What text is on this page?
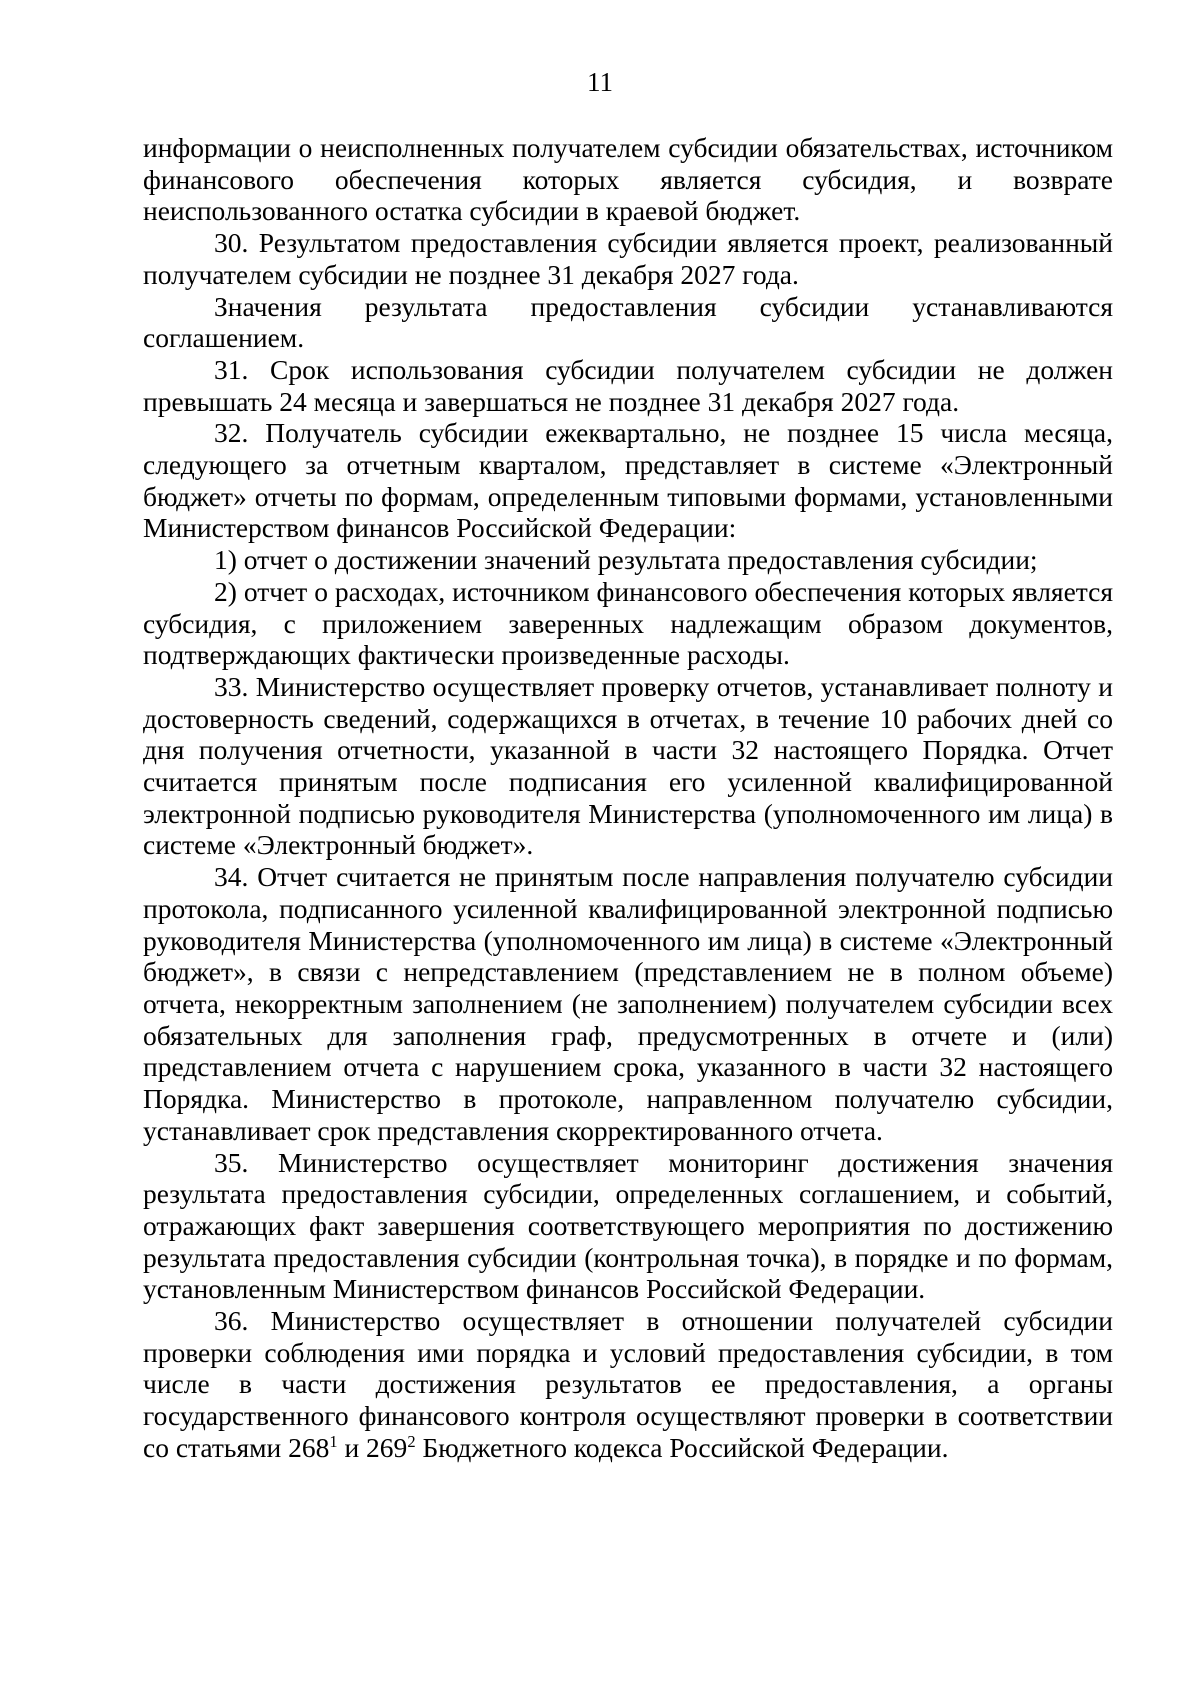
11

информации о неисполненных получателем субсидии обязательствах, источником финансового обеспечения которых является субсидия, и возврате неиспользованного остатка субсидии в краевой бюджет.

30. Результатом предоставления субсидии является проект, реализованный получателем субсидии не позднее 31 декабря 2027 года.

Значения результата предоставления субсидии устанавливаются соглашением.

31. Срок использования субсидии получателем субсидии не должен превышать 24 месяца и завершаться не позднее 31 декабря 2027 года.

32. Получатель субсидии ежеквартально, не позднее 15 числа месяца, следующего за отчетным кварталом, представляет в системе «Электронный бюджет» отчеты по формам, определенным типовыми формами, установленными Министерством финансов Российской Федерации:

1) отчет о достижении значений результата предоставления субсидии;

2) отчет о расходах, источником финансового обеспечения которых является субсидия, с приложением заверенных надлежащим образом документов, подтверждающих фактически произведенные расходы.

33. Министерство осуществляет проверку отчетов, устанавливает полноту и достоверность сведений, содержащихся в отчетах, в течение 10 рабочих дней со дня получения отчетности, указанной в части 32 настоящего Порядка. Отчет считается принятым после подписания его усиленной квалифицированной электронной подписью руководителя Министерства (уполномоченного им лица) в системе «Электронный бюджет».

34. Отчет считается не принятым после направления получателю субсидии протокола, подписанного усиленной квалифицированной электронной подписью руководителя Министерства (уполномоченного им лица) в системе «Электронный бюджет», в связи с непредставлением (представлением не в полном объеме) отчета, некорректным заполнением (не заполнением) получателем субсидии всех обязательных для заполнения граф, предусмотренных в отчете и (или) представлением отчета с нарушением срока, указанного в части 32 настоящего Порядка. Министерство в протоколе, направленном получателю субсидии, устанавливает срок представления скорректированного отчета.

35. Министерство осуществляет мониторинг достижения значения результата предоставления субсидии, определенных соглашением, и событий, отражающих факт завершения соответствующего мероприятия по достижению результата предоставления субсидии (контрольная точка), в порядке и по формам, установленным Министерством финансов Российской Федерации.

36. Министерство осуществляет в отношении получателей субсидии проверки соблюдения ими порядка и условий предоставления субсидии, в том числе в части достижения результатов ее предоставления, а органы государственного финансового контроля осуществляют проверки в соответствии со статьями $268^1$ и $269^2$ Бюджетного кодекса Российской Федерации.
